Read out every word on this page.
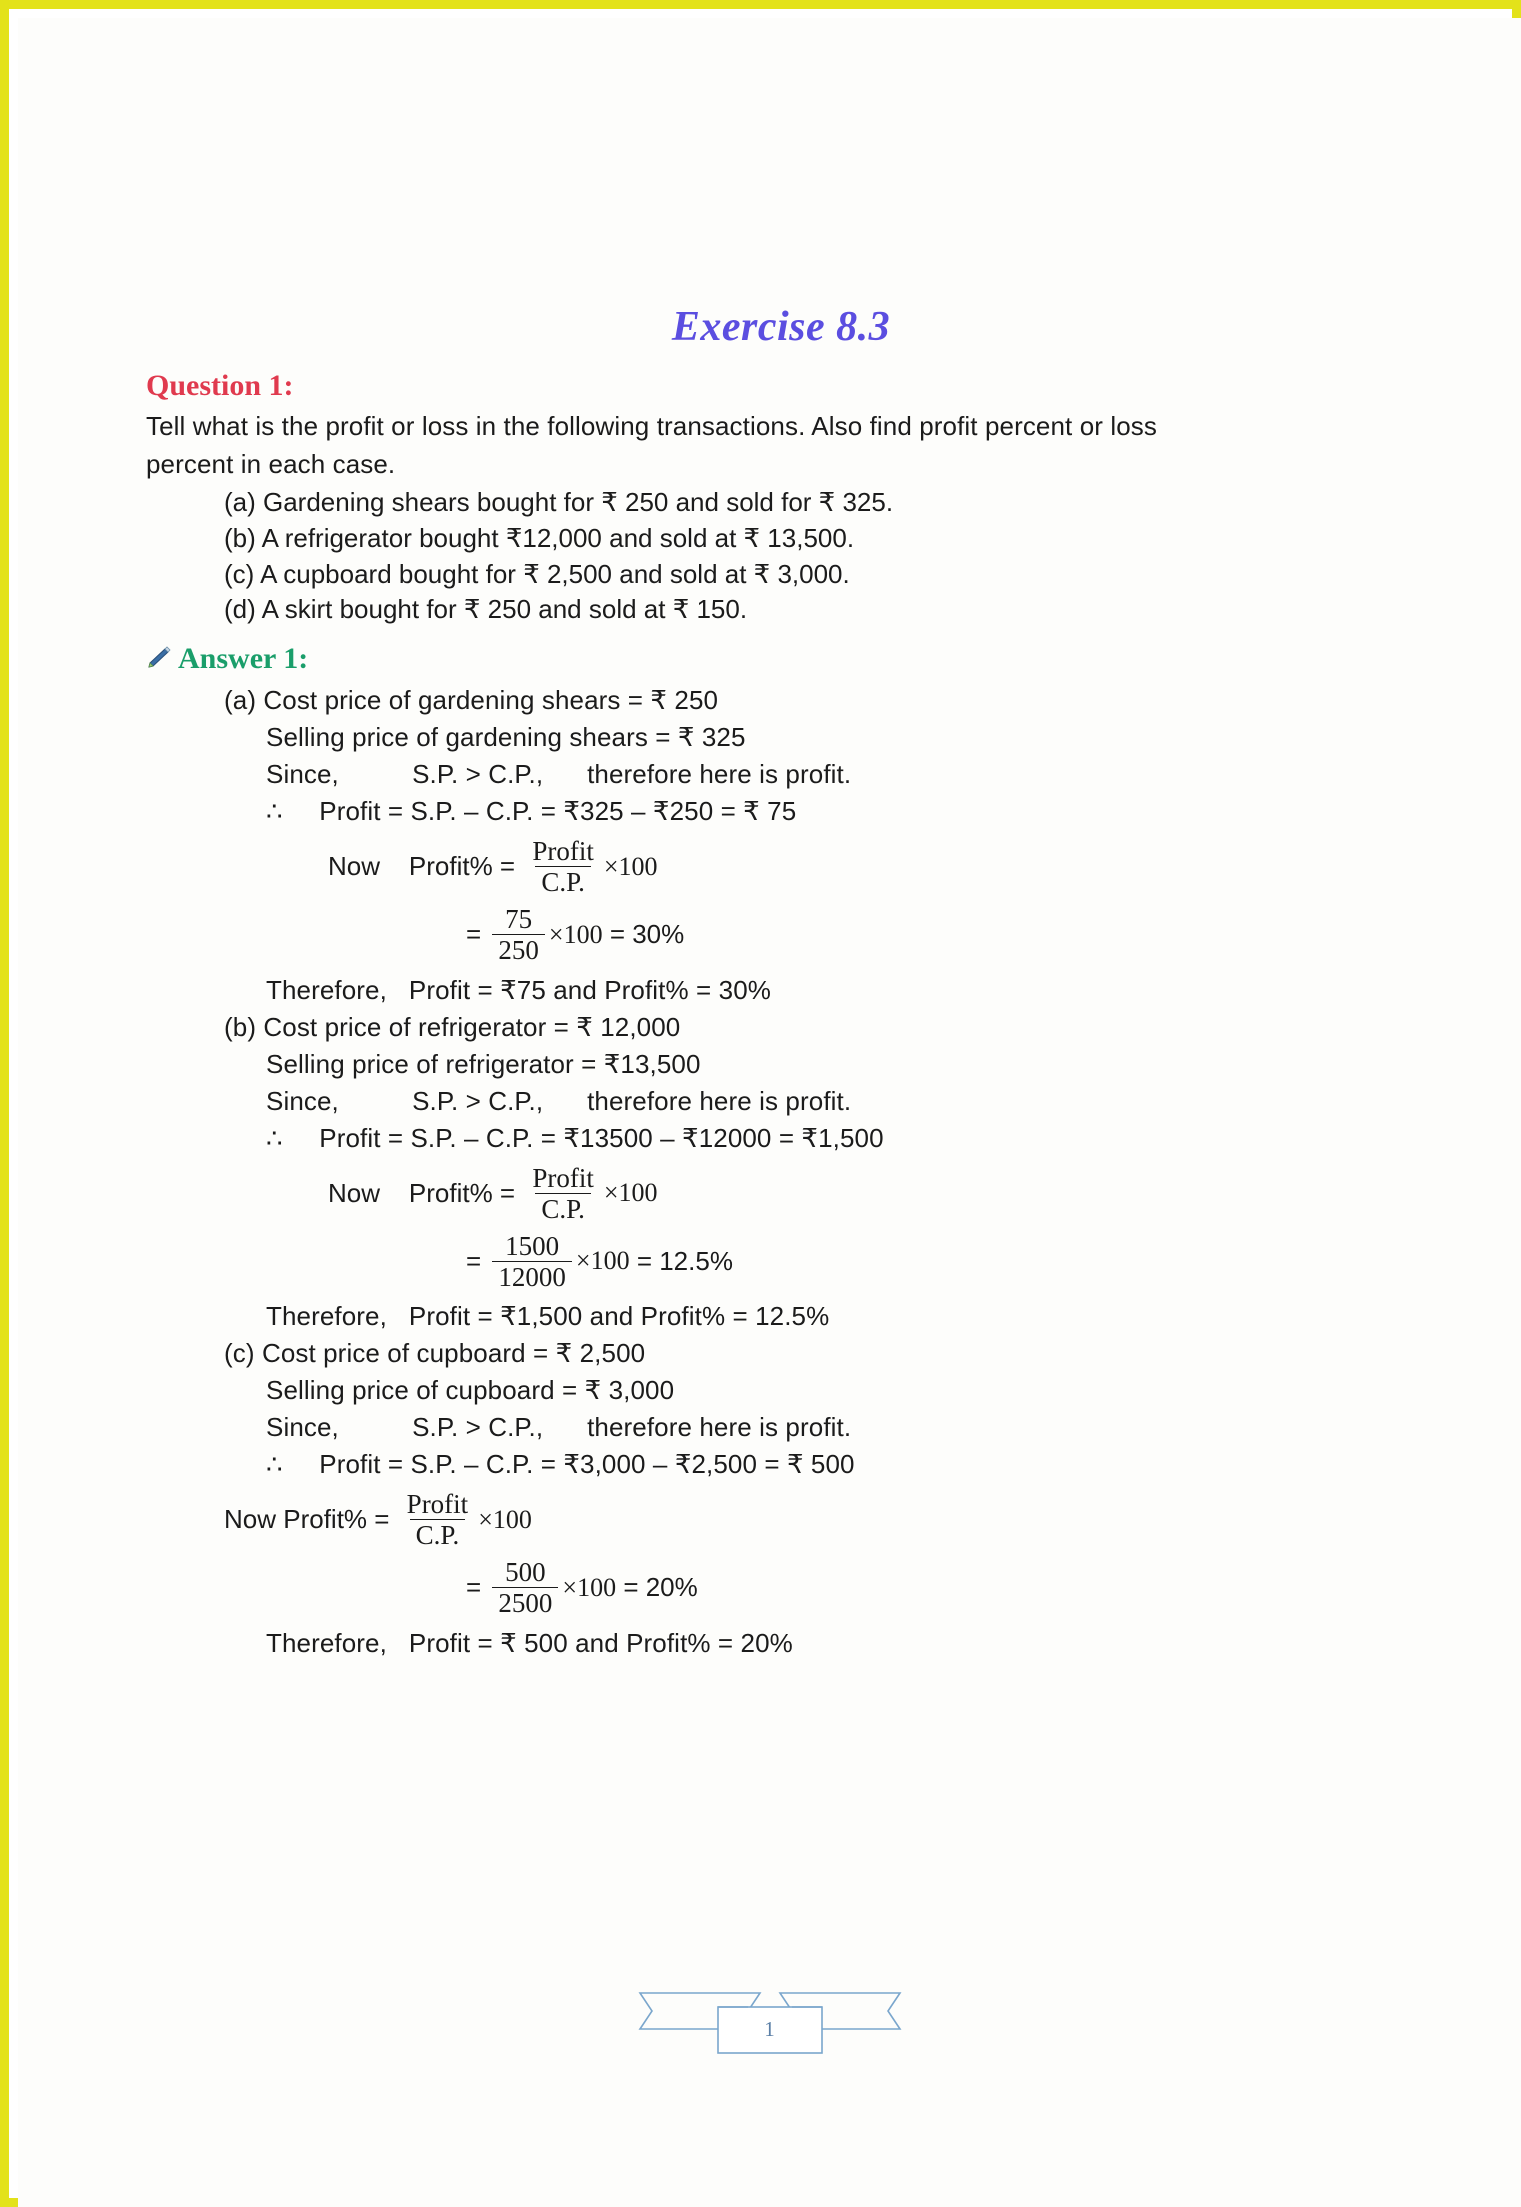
Exercise 8.3
Question 1:
Tell what is the profit or loss in the following transactions. Also find profit percent or loss
percent in each case.
(a) Gardening shears bought for ₹ 250 and sold for ₹ 325.
(b) A refrigerator bought ₹12,000 and sold at ₹ 13,500.
(c) A cupboard bought for ₹ 2,500 and sold at ₹ 3,000.
(d) A skirt bought for ₹ 250 and sold at ₹ 150.
Answer 1:
(a) Cost price of gardening shears = ₹ 250
Selling price of gardening shears = ₹ 325
Since,          S.P. > C.P.,      therefore here is profit.
∴     Profit = S.P. – C.P. = ₹325 – ₹250 = ₹ 75
Now    Profit% = $\frac{\text{Profit}}{C.P.} \times 100$
= $\frac{75}{250} \times 100 = 30\%$
Therefore,   Profit = ₹75 and Profit% = 30%
(b) Cost price of refrigerator = ₹ 12,000
Selling price of refrigerator = ₹13,500
Since,          S.P. > C.P.,      therefore here is profit.
∴     Profit = S.P. – C.P. = ₹13500 – ₹12000 = ₹1,500
Now    Profit% = $\frac{\text{Profit}}{C.P.} \times 100$
= $\frac{1500}{12000} \times 100 = 12.5\%$
Therefore,   Profit = ₹1,500 and Profit% = 12.5%
(c) Cost price of cupboard = ₹ 2,500
Selling price of cupboard = ₹ 3,000
Since,          S.P. > C.P.,      therefore here is profit.
∴     Profit = S.P. – C.P. = ₹3,000 – ₹2,500 = ₹ 500
Now Profit% = $\frac{\text{Profit}}{C.P.} \times 100$
= $\frac{500}{2500} \times 100 = 20\%$
Therefore,   Profit = ₹ 500 and Profit% = 20%
1
